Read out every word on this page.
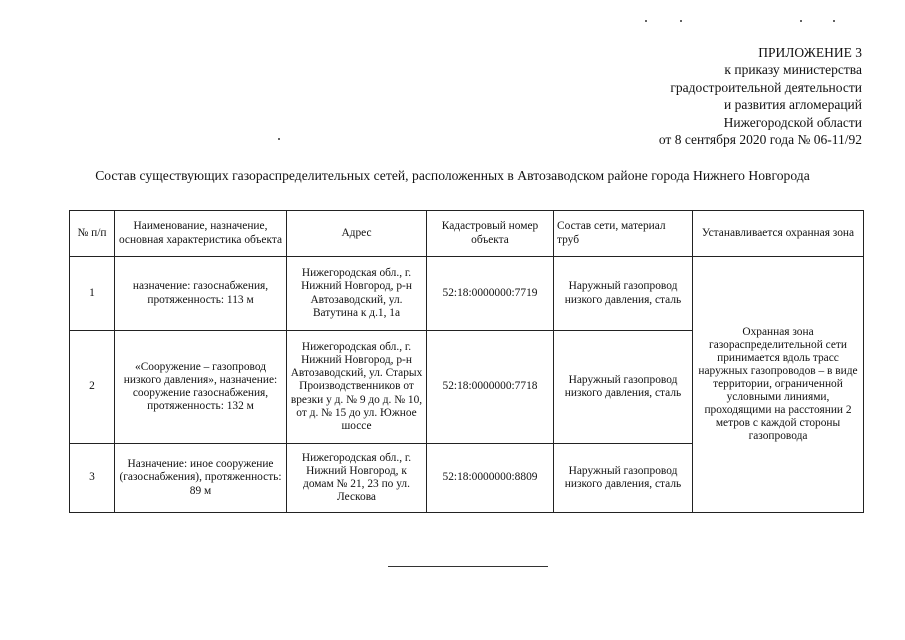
ПРИЛОЖЕНИЕ 3
к приказу министерства
градостроительной деятельности
и развития агломераций
Нижегородской области
от 8 сентября 2020 года № 06-11/92
Состав существующих газораспределительных сетей, расположенных в Автозаводском районе города Нижнего Новгорода
№ п/п	Наименование, назначение, основная характеристика объекта	Адрес	Кадастровый номер объекта	Состав сети, материал труб	Устанавливается охранная зона
1	назначение: газоснабжения, протяженность: 113 м	Нижегородская обл., г. Нижний Новгород, р-н Автозаводский, ул. Ватутина к д.1, 1а	52:18:0000000:7719	Наружный газопровод низкого давления, сталь	Охранная зона газораспределительной сети принимается вдоль трасс наружных газопроводов – в виде территории, ограниченной условными линиями, проходящими на расстоянии 2 метров с каждой стороны газопровода
2	«Сооружение – газопровод низкого давления», назначение: сооружение газоснабжения, протяженность: 132 м	Нижегородская обл., г. Нижний Новгород, р-н Автозаводский, ул. Старых Производственников от врезки у д. № 9 до д. № 10, от д. № 15 до ул. Южное шоссе	52:18:0000000:7718	Наружный газопровод низкого давления, сталь	
3	Назначение: иное сооружение (газоснабжения), протяженность: 89 м	Нижегородская обл., г. Нижний Новгород, к домам № 21, 23 по ул. Лескова	52:18:0000000:8809	Наружный газопровод низкого давления, сталь	
